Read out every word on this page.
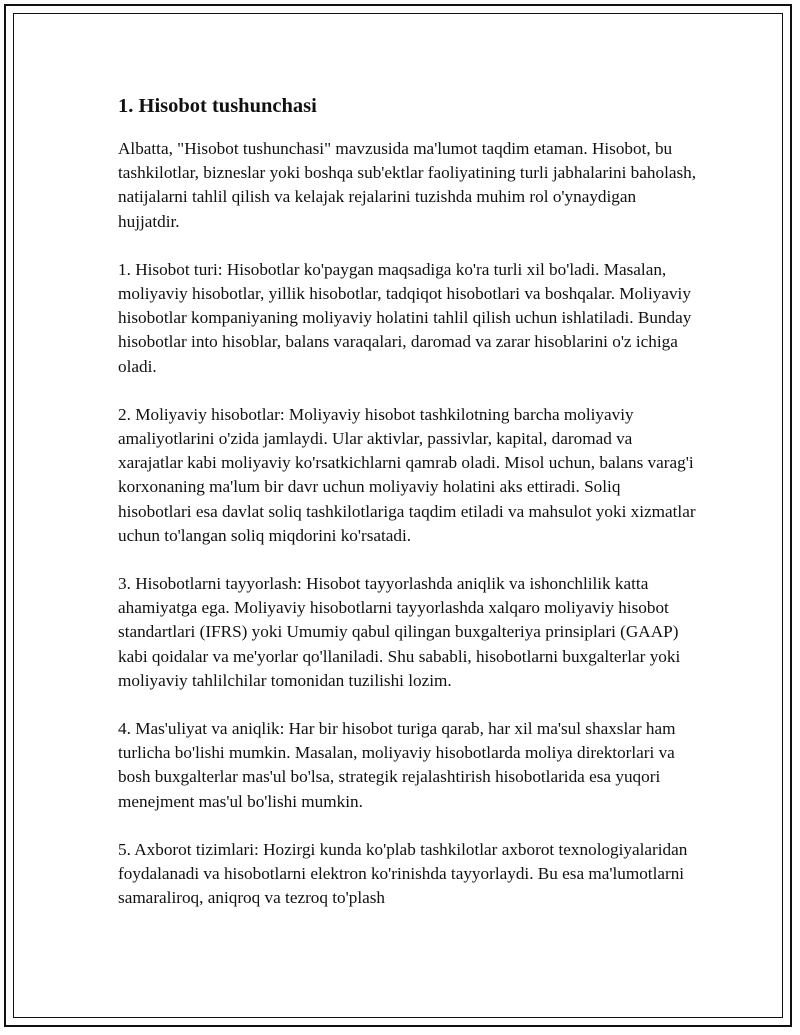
1. Hisobot tushunchasi

Albatta, "Hisobot tushunchasi" mavzusida ma'lumot taqdim etaman. Hisobot, bu tashkilotlar, bizneslar yoki boshqa sub'ektlar faoliyatining turli jabhalarini baholash, natijalarni tahlil qilish va kelajak rejalarini tuzishda muhim rol o'ynaydigan hujjatdir.

1. Hisobot turi: Hisobotlar ko'paygan maqsadiga ko'ra turli xil bo'ladi. Masalan, moliyaviy hisobotlar, yillik hisobotlar, tadqiqot hisobotlari va boshqalar. Moliyaviy hisobotlar kompaniyaning moliyaviy holatini tahlil qilish uchun ishlatiladi. Bunday hisobotlar into hisoblar, balans varaqalari, daromad va zarar hisoblarini o'z ichiga oladi.

2. Moliyaviy hisobotlar: Moliyaviy hisobot tashkilotning barcha moliyaviy amaliyotlarini o'zida jamlaydi. Ular aktivlar, passivlar, kapital, daromad va xarajatlar kabi moliyaviy ko'rsatkichlarni qamrab oladi. Misol uchun, balans varag'i korxonaning ma'lum bir davr uchun moliyaviy holatini aks ettiradi. Soliq hisobotlari esa davlat soliq tashkilotlariga taqdim etiladi va mahsulot yoki xizmatlar uchun to'langan soliq miqdorini ko'rsatadi.

3. Hisobotlarni tayyorlash: Hisobot tayyorlashda aniqlik va ishonchlilik katta ahamiyatga ega. Moliyaviy hisobotlarni tayyorlashda xalqaro moliyaviy hisobot standartlari (IFRS) yoki Umumiy qabul qilingan buxgalteriya prinsiplari (GAAP) kabi qoidalar va me'yorlar qo'llaniladi. Shu sababli, hisobotlarni buxgalterlar yoki moliyaviy tahlilchilar tomonidan tuzilishi lozim.

4. Mas'uliyat va aniqlik: Har bir hisobot turiga qarab, har xil ma'sul shaxslar ham turlicha bo'lishi mumkin. Masalan, moliyaviy hisobotlarda moliya direktorlari va bosh buxgalterlar mas'ul bo'lsa, strategik rejalashtirish hisobotlarida esa yuqori menejment mas'ul bo'lishi mumkin.

5. Axborot tizimlari: Hozirgi kunda ko'plab tashkilotlar axborot texnologiyalaridan foydalanadi va hisobotlarni elektron ko'rinishda tayyorlaydi. Bu esa ma'lumotlarni samaraliroq, aniqroq va tezroq to'plash
